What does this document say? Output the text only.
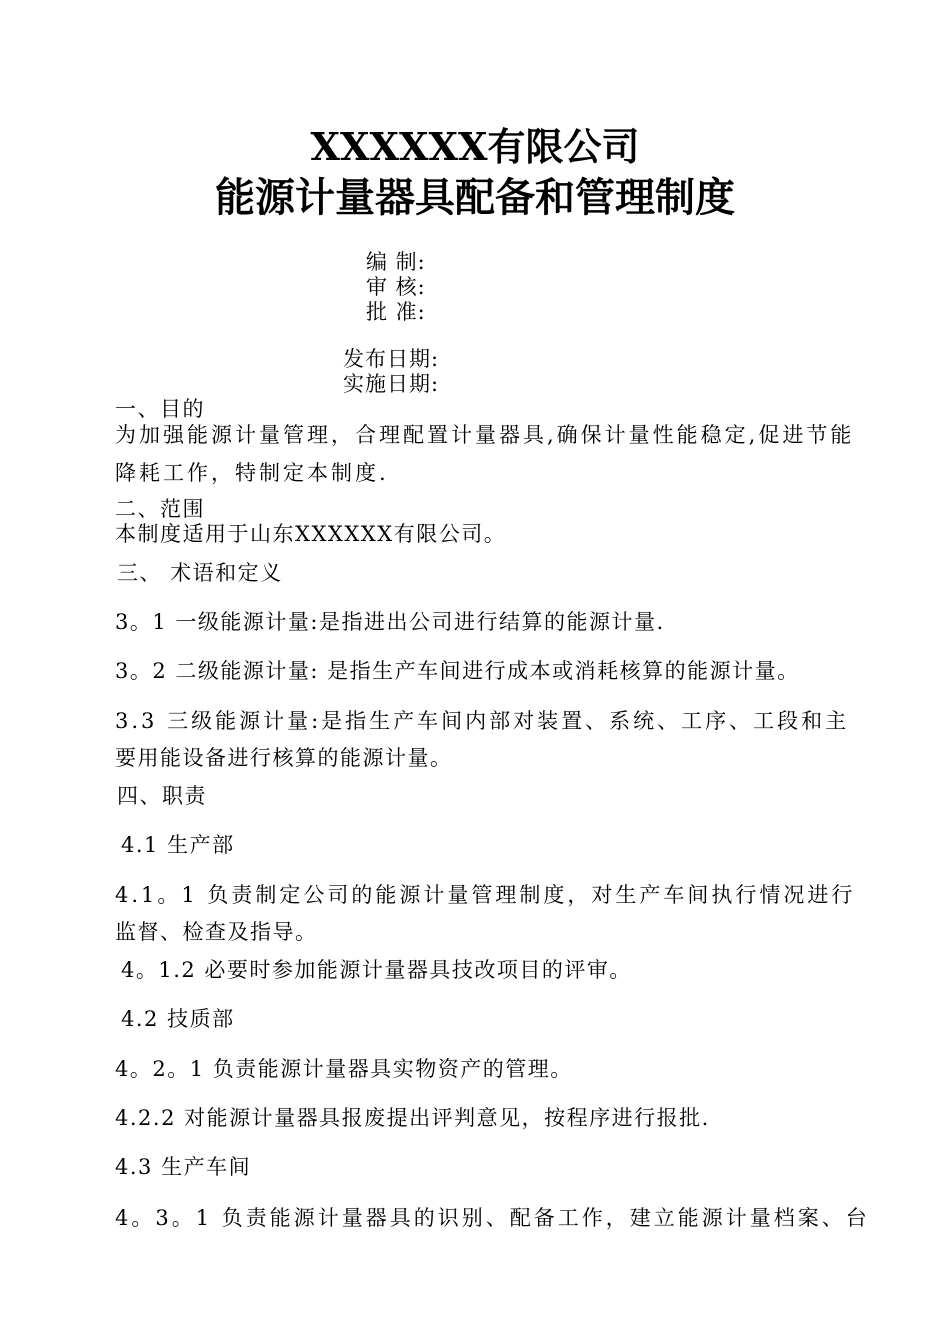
XXXXXX有限公司
能源计量器具配备和管理制度
编 制:
审 核:
批 准:
发布日期:
实施日期:
一、目的
为加强能源计量管理，合理配置计量器具,确保计量性能稳定,促进节能
降耗工作，特制定本制度.
二、范围
本制度适用于山东XXXXXX有限公司。
三、 术语和定义
3。1 一级能源计量:是指进出公司进行结算的能源计量.
3。2 二级能源计量: 是指生产车间进行成本或消耗核算的能源计量。
3.3 三级能源计量:是指生产车间内部对装置、系统、工序、工段和主
要用能设备进行核算的能源计量。
四、职责
4.1 生产部
4.1。1 负责制定公司的能源计量管理制度，对生产车间执行情况进行
监督、检查及指导。
4。1.2 必要时参加能源计量器具技改项目的评审。
4.2 技质部
4。2。1 负责能源计量器具实物资产的管理。
4.2.2 对能源计量器具报废提出评判意见，按程序进行报批.
4.3 生产车间
4。3。1 负责能源计量器具的识别、配备工作，建立能源计量档案、台
